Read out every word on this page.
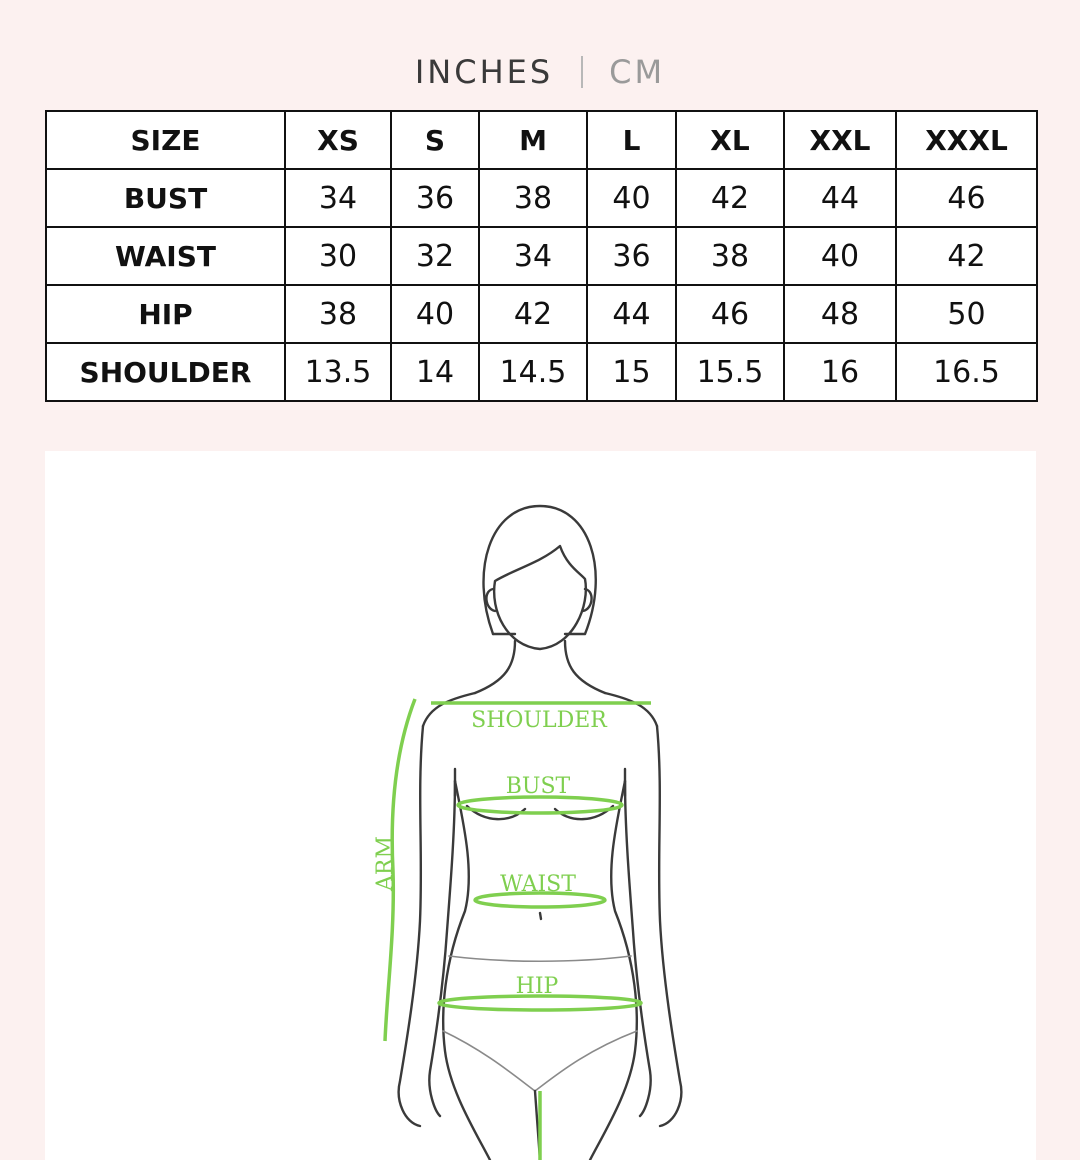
INCHES CM
SIZE	XS	S	M	L	XL	XXL	XXXL
BUST	34	36	38	40	42	44	46
WAIST	30	32	34	36	38	40	42
HIP	38	40	42	44	46	48	50
SHOULDER	13.5	14	14.5	15	15.5	16	16.5
SHOULDER
BUST
WAIST
HIP
ARM
